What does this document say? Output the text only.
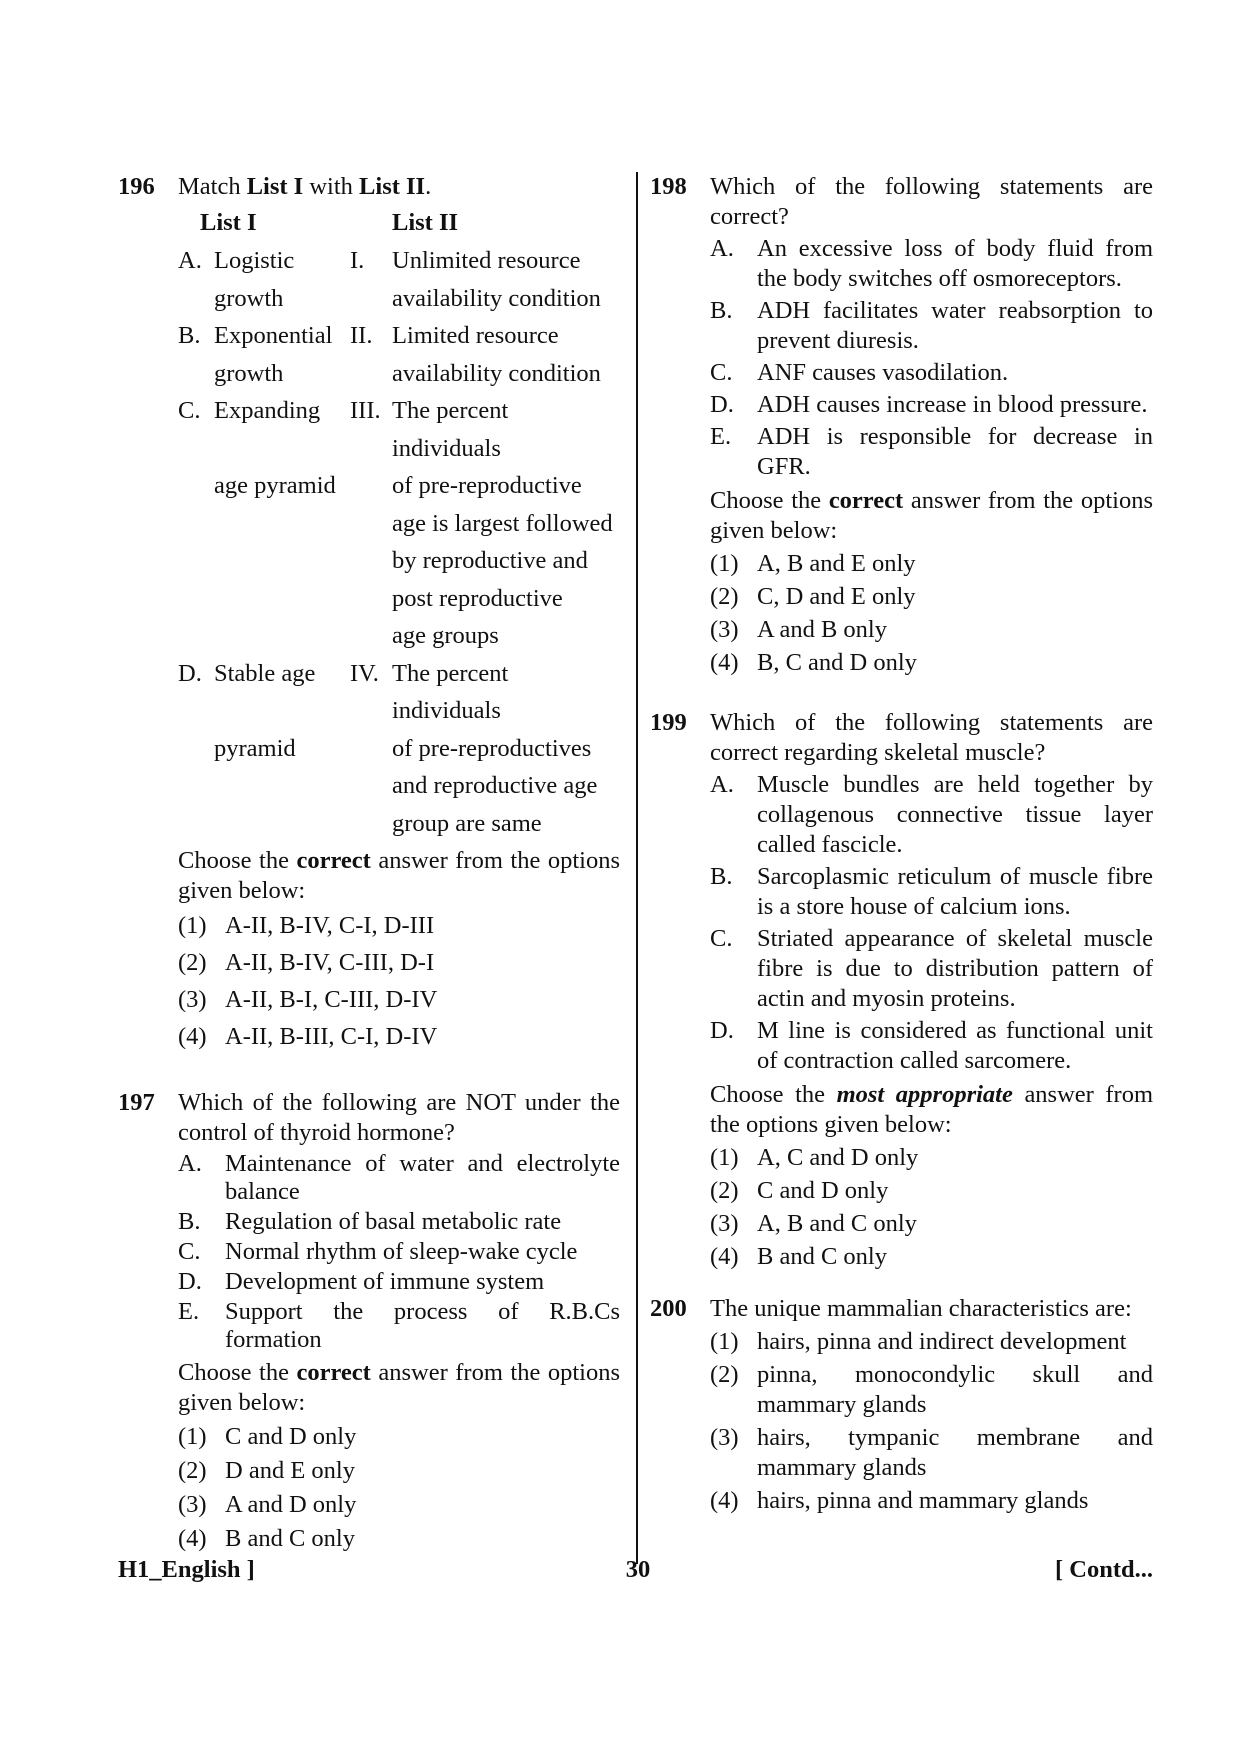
196 Match List I with List II.
List I	List II
A. Logistic	I.	Unlimited resource
growth	availability condition
B. Exponential II. Limited resource
growth	availability condition
C. Expanding	III. The percent individuals
age pyramid	of pre-reproductive
age is largest followed
by reproductive and
post reproductive
age groups
D. Stable age	IV. The percent individuals
pyramid	of pre-reproductives
and reproductive age
group are same
Choose the correct answer from the options given below:
(1) A-II, B-IV, C-I, D-III
(2) A-II, B-IV, C-III, D-I
(3) A-II, B-I, C-III, D-IV
(4) A-II, B-III, C-I, D-IV
197 Which of the following are NOT under the control of thyroid hormone?
A. Maintenance of water and electrolyte balance
B.	Regulation of basal metabolic rate
C.	Normal rhythm of sleep-wake cycle
D. Development of immune system
E.	Support the process of R.B.Cs formation
Choose the correct answer from the options given below:
(1) C and D only
(2) D and E only
(3) A and D only
(4) B and C only
198 Which of the following statements are correct?
A. An excessive loss of body fluid from the body switches off osmoreceptors.
B.	ADH facilitates water reabsorption to prevent diuresis.
C.	ANF causes vasodilation.
D. ADH causes increase in blood pressure.
E.	ADH is responsible for decrease in GFR.
Choose the correct answer from the options given below:
(1) A, B and E only
(2) C, D and E only
(3) A and B only
(4) B, C and D only
199 Which of the following statements are correct regarding skeletal muscle?
A. Muscle bundles are held together by collagenous connective tissue layer called fascicle.
B.	Sarcoplasmic reticulum of muscle fibre is a store house of calcium ions.
C.	Striated appearance of skeletal muscle fibre is due to distribution pattern of actin and myosin proteins.
D. M line is considered as functional unit of contraction called sarcomere.
Choose the most appropriate answer from the options given below:
(1) A, C and D only
(2) C and D only
(3) A, B and C only
(4) B and C only
200 The unique mammalian characteristics are:
(1) hairs, pinna and indirect development
(2) pinna, monocondylic skull and mammary glands
(3) hairs, tympanic membrane and mammary glands
(4) hairs, pinna and mammary glands
H1_English ]	30	[ Contd...
